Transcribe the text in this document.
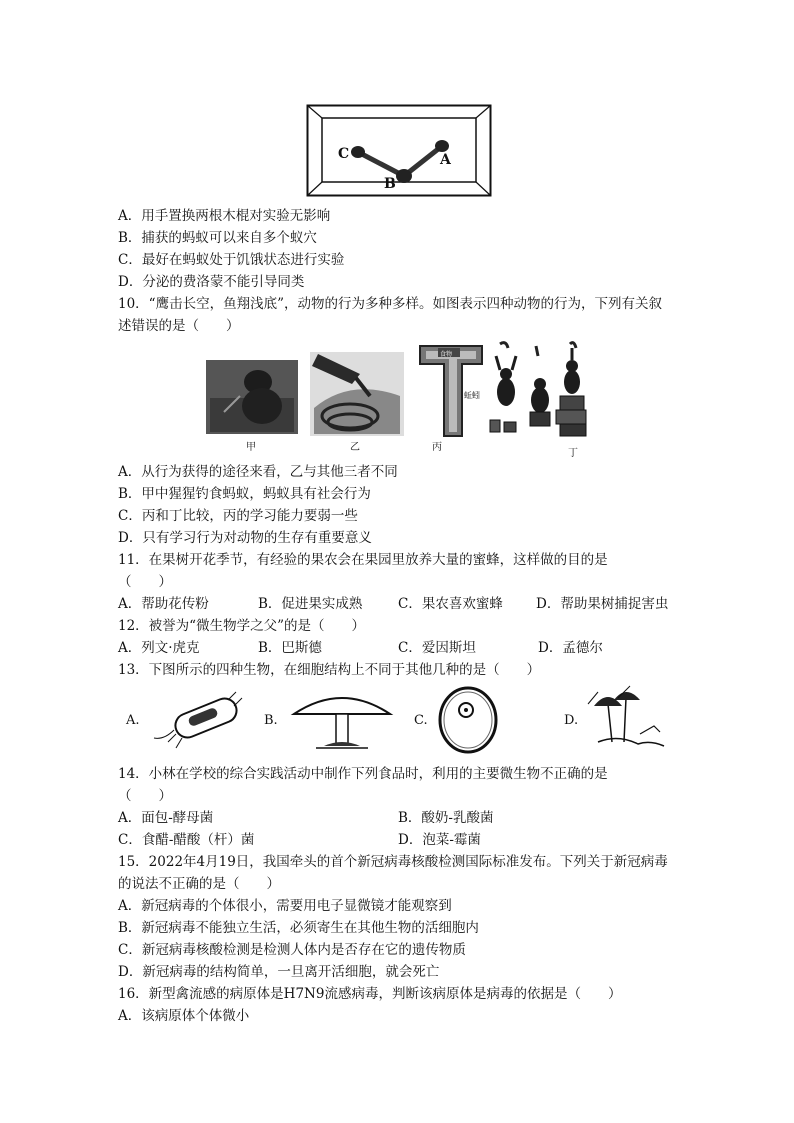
C
B
A
A．用手置换两根木棍对实验无影响
B．捕获的蚂蚁可以来自多个蚁穴
C．最好在蚂蚁处于饥饿状态进行实验
D．分泌的费洛蒙不能引导同类
10．“鹰击长空，鱼翔浅底”，动物的行为多种多样。如图表示四种动物的行为，下列有关叙
述错误的是（　　）
甲	乙
食物
蚯蚓
丙
丁
A．从行为获得的途径来看，乙与其他三者不同
B．甲中猩猩钓食蚂蚁，蚂蚁具有社会行为
C．丙和丁比较，丙的学习能力要弱一些
D．只有学习行为对动物的生存有重要意义
11．在果树开花季节，有经验的果农会在果园里放养大量的蜜蜂，这样做的目的是
（　　）
A．帮助花传粉	B．促进果实成熟	C．果农喜欢蜜蜂 D．帮助果树捕捉害虫
12．被誉为“微生物学之父”的是（　　）
A．列文·虎克	B．巴斯德	C．爱因斯坦	D．孟德尔
13．下图所示的四种生物，在细胞结构上不同于其他几种的是（　　）
A.	B.	C.	D.
14．小林在学校的综合实践活动中制作下列食品时，利用的主要微生物不正确的是
（　　）
A．面包-酵母菌	B．酸奶-乳酸菌
C．食醋-醋酸（杆）菌	D．泡菜-霉菌
15．2022年4月19日，我国牵头的首个新冠病毒核酸检测国际标准发布。下列关于新冠病毒
的说法不正确的是（　　）
A．新冠病毒的个体很小，需要用电子显微镜才能观察到
B．新冠病毒不能独立生活，必须寄生在其他生物的活细胞内
C．新冠病毒核酸检测是检测人体内是否存在它的遗传物质
D．新冠病毒的结构简单，一旦离开活细胞，就会死亡
16．新型禽流感的病原体是H7N9流感病毒，判断该病原体是病毒的依据是（　　）
A．该病原体个体微小
